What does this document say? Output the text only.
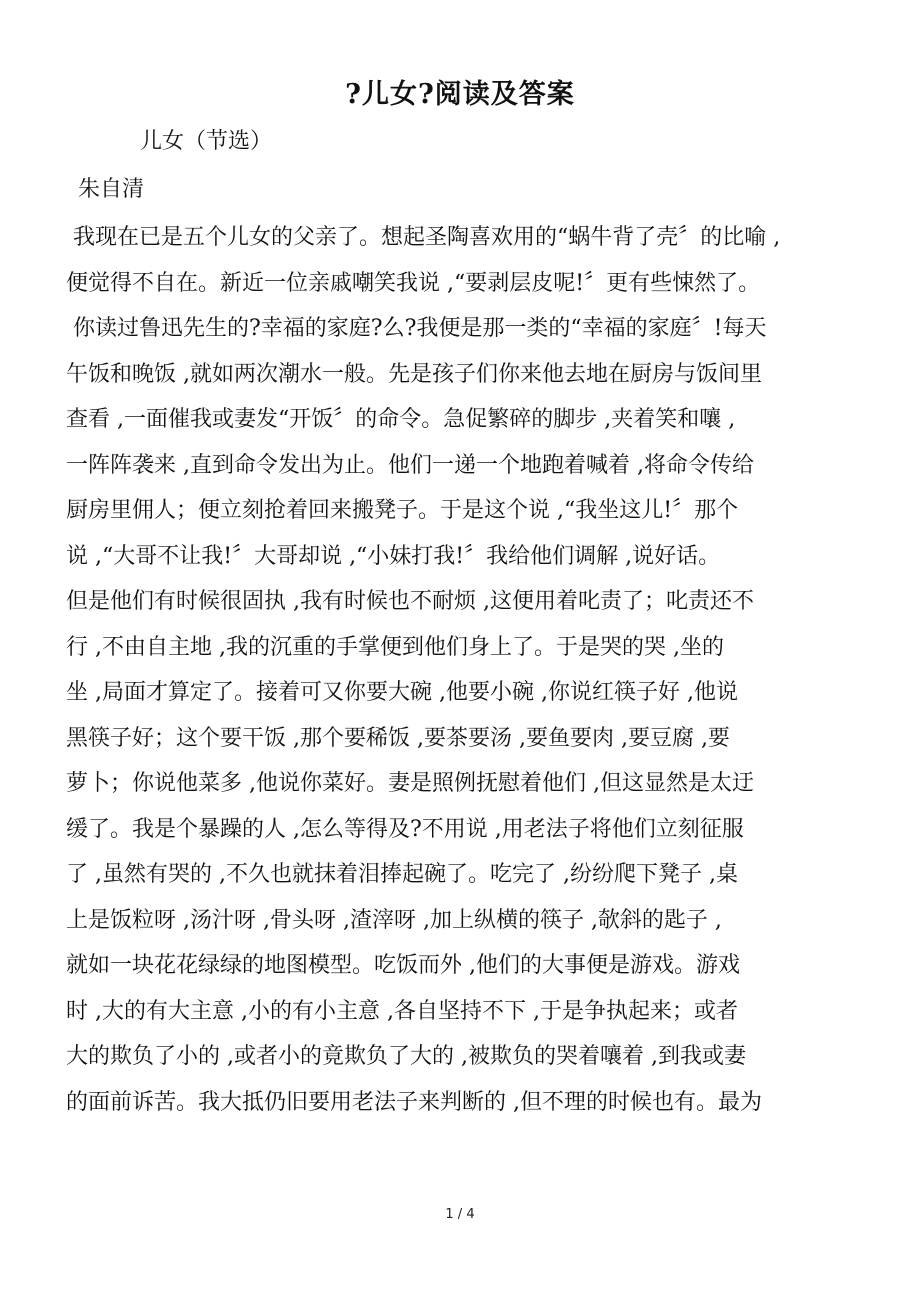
?儿女?阅读及答案
儿女（节选）
朱自清
我现在已是五个儿女的父亲了。想起圣陶喜欢用的“蜗牛背了壳〞的比喻 ,
便觉得不自在。新近一位亲戚嘲笑我说 ,“要剥层皮呢!〞更有些悚然了。
你读过鲁迅先生的?幸福的家庭?么?我便是那一类的“幸福的家庭〞!每天
午饭和晚饭 ,就如两次潮水一般。先是孩子们你来他去地在厨房与饭间里
查看 ,一面催我或妻发“开饭〞的命令。急促繁碎的脚步 ,夹着笑和嚷 ,
一阵阵袭来 ,直到命令发出为止。他们一递一个地跑着喊着 ,将命令传给
厨房里佣人；便立刻抢着回来搬凳子。于是这个说 ,“我坐这儿!〞那个
说 ,“大哥不让我!〞大哥却说 ,“小妹打我!〞我给他们调解 ,说好话。
但是他们有时候很固执 ,我有时候也不耐烦 ,这便用着叱责了；叱责还不
行 ,不由自主地 ,我的沉重的手掌便到他们身上了。于是哭的哭 ,坐的
坐 ,局面才算定了。接着可又你要大碗 ,他要小碗 ,你说红筷子好 ,他说
黑筷子好；这个要干饭 ,那个要稀饭 ,要茶要汤 ,要鱼要肉 ,要豆腐 ,要
萝卜；你说他菜多 ,他说你菜好。妻是照例抚慰着他们 ,但这显然是太迂
缓了。我是个暴躁的人 ,怎么等得及?不用说 ,用老法子将他们立刻征服
了 ,虽然有哭的 ,不久也就抹着泪捧起碗了。吃完了 ,纷纷爬下凳子 ,桌
上是饭粒呀 ,汤汁呀 ,骨头呀 ,渣滓呀 ,加上纵横的筷子 ,欹斜的匙子 ,
就如一块花花绿绿的地图模型。吃饭而外 ,他们的大事便是游戏。游戏
时 ,大的有大主意 ,小的有小主意 ,各自坚持不下 ,于是争执起来；或者
大的欺负了小的 ,或者小的竟欺负了大的 ,被欺负的哭着嚷着 ,到我或妻
的面前诉苦。我大抵仍旧要用老法子来判断的 ,但不理的时候也有。最为
1 / 4
